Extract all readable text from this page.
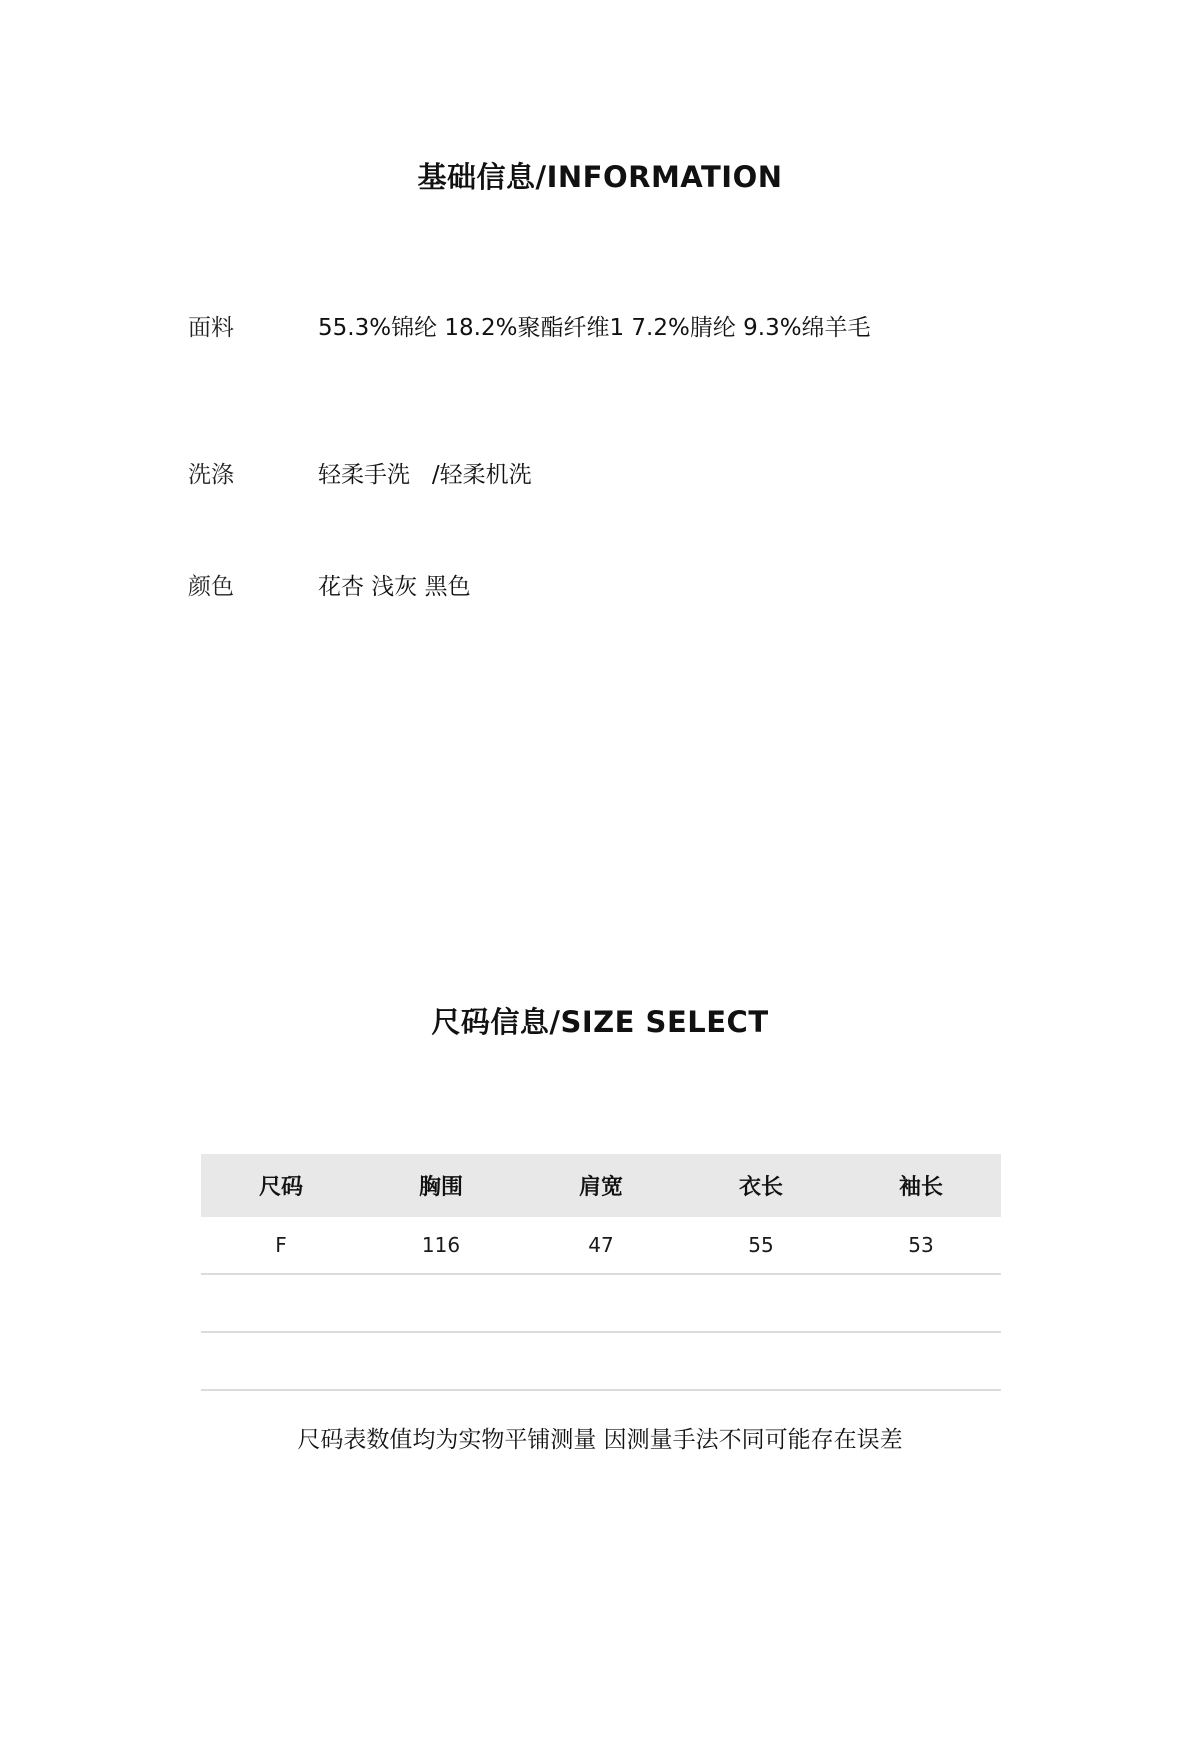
基础信息/INFORMATION
面料	55.3%锦纶 18.2%聚酯纤维1 7.2%腈纶 9.3%绵羊毛
洗涤	轻柔手洗   /轻柔机洗
颜色	花杏 浅灰 黑色
尺码信息/SIZE SELECT
尺码	胸围	肩宽	衣长	袖长
F	116	47	55	53
尺码表数值均为实物平铺测量 因测量手法不同可能存在误差
